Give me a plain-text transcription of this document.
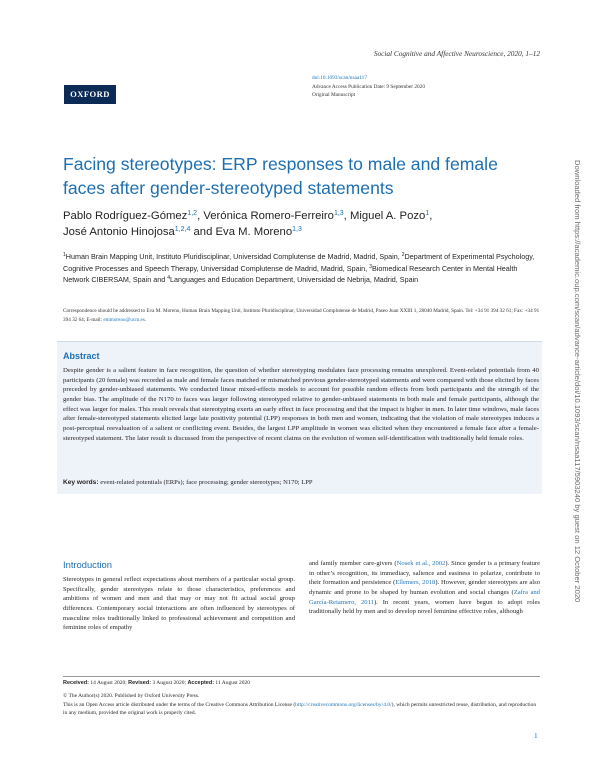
Social Cognitive and Affective Neuroscience, 2020, 1–12
OXFORD
doi:10.1093/scan/nsaa117
Advance Access Publication Date: 9 September 2020
Original Manuscript
Facing stereotypes: ERP responses to male and female faces after gender-stereotyped statements
Pablo Rodríguez-Gómez$^{1,2}$, Verónica Romero-Ferreiro$^{1,3}$, Miguel A. Pozo$^1$,
José Antonio Hinojosa$^{1,2,4}$ and Eva M. Moreno$^{1,3}$
$^1$Human Brain Mapping Unit, Instituto Pluridisciplinar, Universidad Complutense de Madrid, Madrid, Spain, $^2$Department of Experimental Psychology, Cognitive Processes and Speech Therapy, Universidad Complutense de Madrid, Madrid, Spain, $^3$Biomedical Research Center in Mental Health Network CIBERSAM, Spain and $^4$Languages and Education Department, Universidad de Nebrija, Madrid, Spain
Correspondence should be addressed to Eva M. Moreno, Human Brain Mapping Unit, Instituto Pluridisciplinar, Universidad Complutense de Madrid, Paseo Juan XXIII 1, 28040 Madrid, Spain. Tel: +34 91 394 32 61; Fax: +34 91 394 32 64; E-mail: emmoreno@ucm.es.
Abstract

Despite gender is a salient feature in face recognition, the question of whether stereotyping modulates face processing remains unexplored. Event-related potentials from 40 participants (20 female) was recorded as male and female faces matched or mismatched previous gender-stereotyped statements and were compared with those elicited by faces preceded by gender-unbiased statements. We conducted linear mixed-effects models to account for possible random effects from both participants and the strength of the gender bias. The amplitude of the N170 to faces was larger following stereotyped relative to gender-unbiased statements in both male and female participants, although the effect was larger for males. This result reveals that stereotyping exerts an early effect in face processing and that the impact is higher in men. In later time windows, male faces after female-stereotyped statements elicited large late positivity potential (LPP) responses in both men and women, indicating that the violation of male stereotypes induces a post-perceptual reevaluation of a salient or conflicting event. Besides, the largest LPP amplitude in women was elicited when they encountered a female face after a female-stereotyped statement. The later result is discussed from the perspective of recent claims on the evolution of women self-identification with traditionally held female roles.

Key words: event-related potentials (ERPs); face processing; gender stereotypes; N170; LPP
Introduction

Stereotypes in general reflect expectations about members of a particular social group. Specifically, gender stereotypes relate to those characteristics, preferences and ambitions of women and men and that may or may not fit actual social group differences. Contemporary social interactions are often influenced by stereotypes of masculine roles traditionally linked to professional achievement and competition and feminine roles of empathy

and family member care-givers (Nosek et al., 2002). Since gender is a primary feature in other’s recognition, its immediacy, salience and easiness to polarize, contribute to their formation and persistence (Ellemers, 2018). However, gender stereotypes are also dynamic and prone to be shaped by human evolution and social changes (Zafra and García-Retamero, 2011). In recent years, women have begun to adopt roles traditionally held by men and to develop novel feminine effective roles, although

Received: 14 August 2020; Revised: 3 August 2020; Accepted: 11 August 2020
© The Author(s) 2020. Published by Oxford University Press.
This is an Open Access article distributed under the terms of the Creative Commons Attribution License (http://creativecommons.org/licenses/by/4.0/), which permits unrestricted reuse, distribution, and reproduction in any medium, provided the original work is properly cited.
1
Downloaded from https://academic.oup.com/scan/advance-article/doi/10.1093/scan/nsaa117/5903240 by guest on 12 October 2020
